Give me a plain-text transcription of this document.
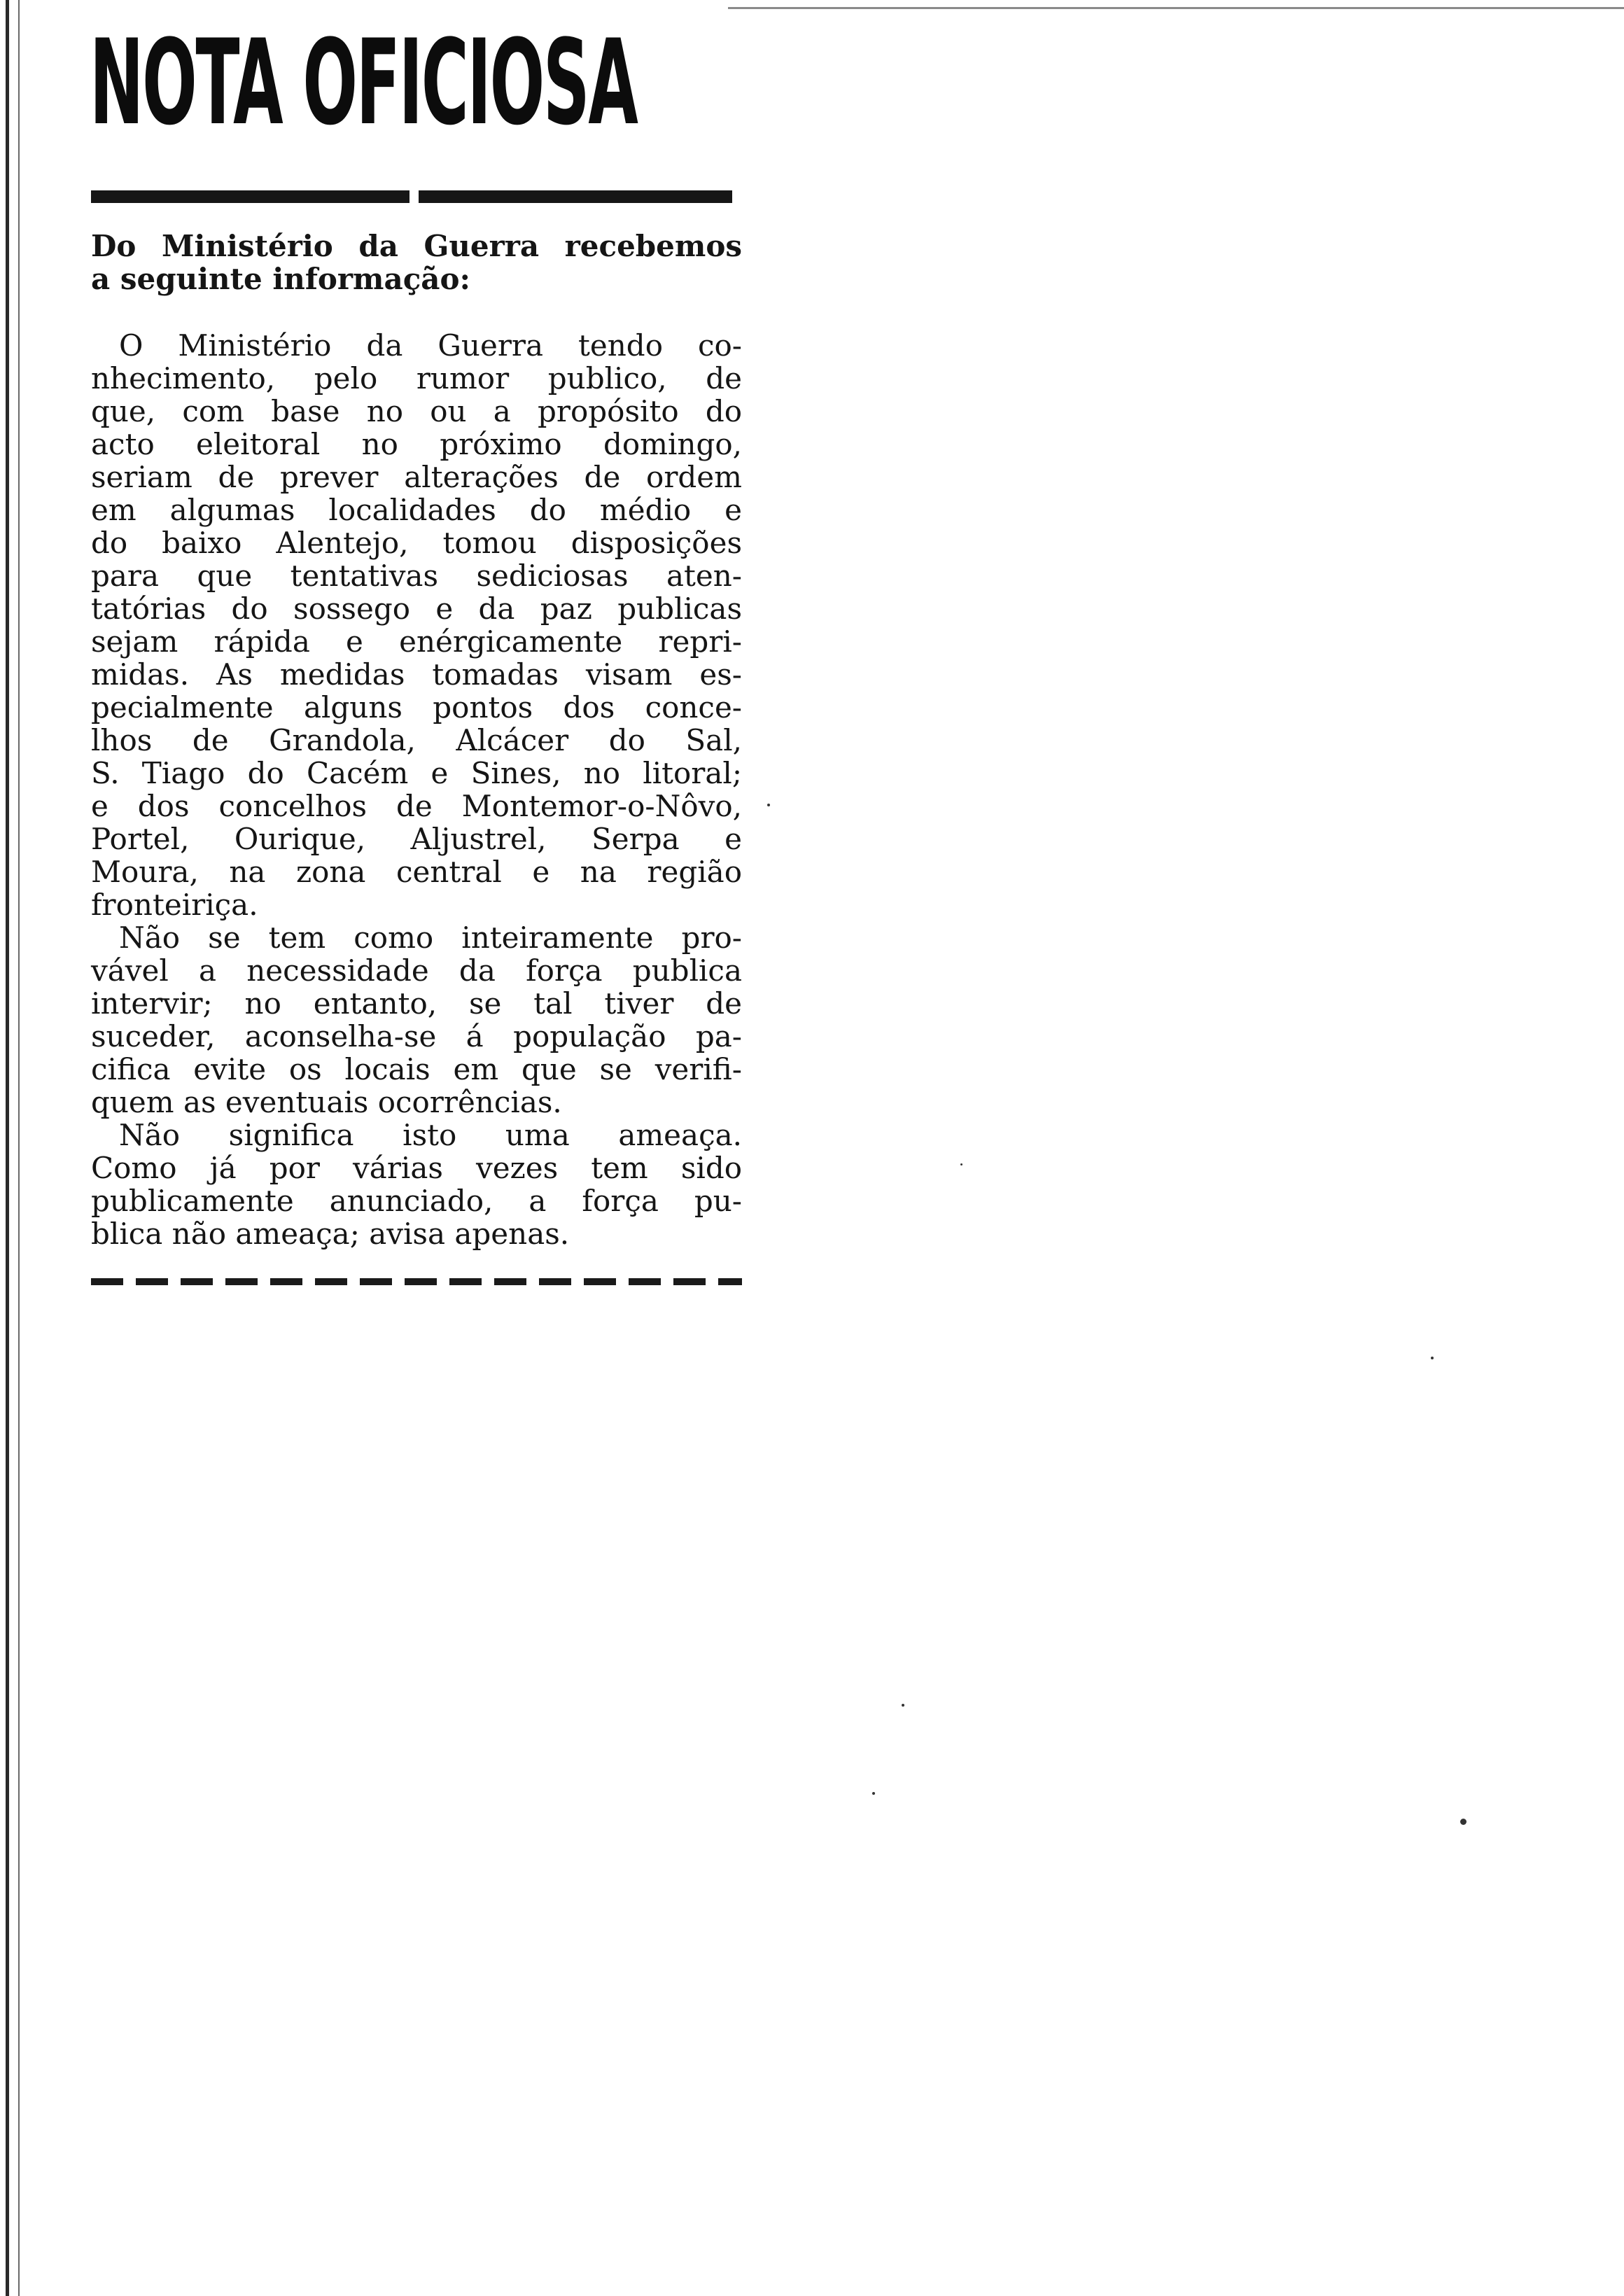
NOTA OFICIOSA
Do Ministério da Guerra recebemos
a seguinte informação:
O Ministério da Guerra tendo co-
nhecimento, pelo rumor publico, de
que, com base no ou a propósito do
acto eleitoral no próximo domingo,
seriam de prever alterações de ordem
em algumas localidades do médio e
do baixo Alentejo, tomou disposições
para que tentativas sediciosas aten-
tatórias do sossego e da paz publicas
sejam rápida e enérgicamente repri-
midas. As medidas tomadas visam es-
pecialmente alguns pontos dos conce-
lhos de Grandola, Alcácer do Sal,
S. Tiago do Cacém e Sines, no litoral;
e dos concelhos de Montemor-o-Nôvo,
Portel, Ourique, Aljustrel, Serpa e
Moura, na zona central e na região
fronteiriça.
Não se tem como inteiramente pro-
vável a necessidade da força publica
intervir; no entanto, se tal tiver de
suceder, aconselha-se á população pa-
cifica evite os locais em que se verifi-
quem as eventuais ocorrências.
Não significa isto uma ameaça.
Como já por várias vezes tem sido
publicamente anunciado, a força pu-
blica não ameaça; avisa apenas.
